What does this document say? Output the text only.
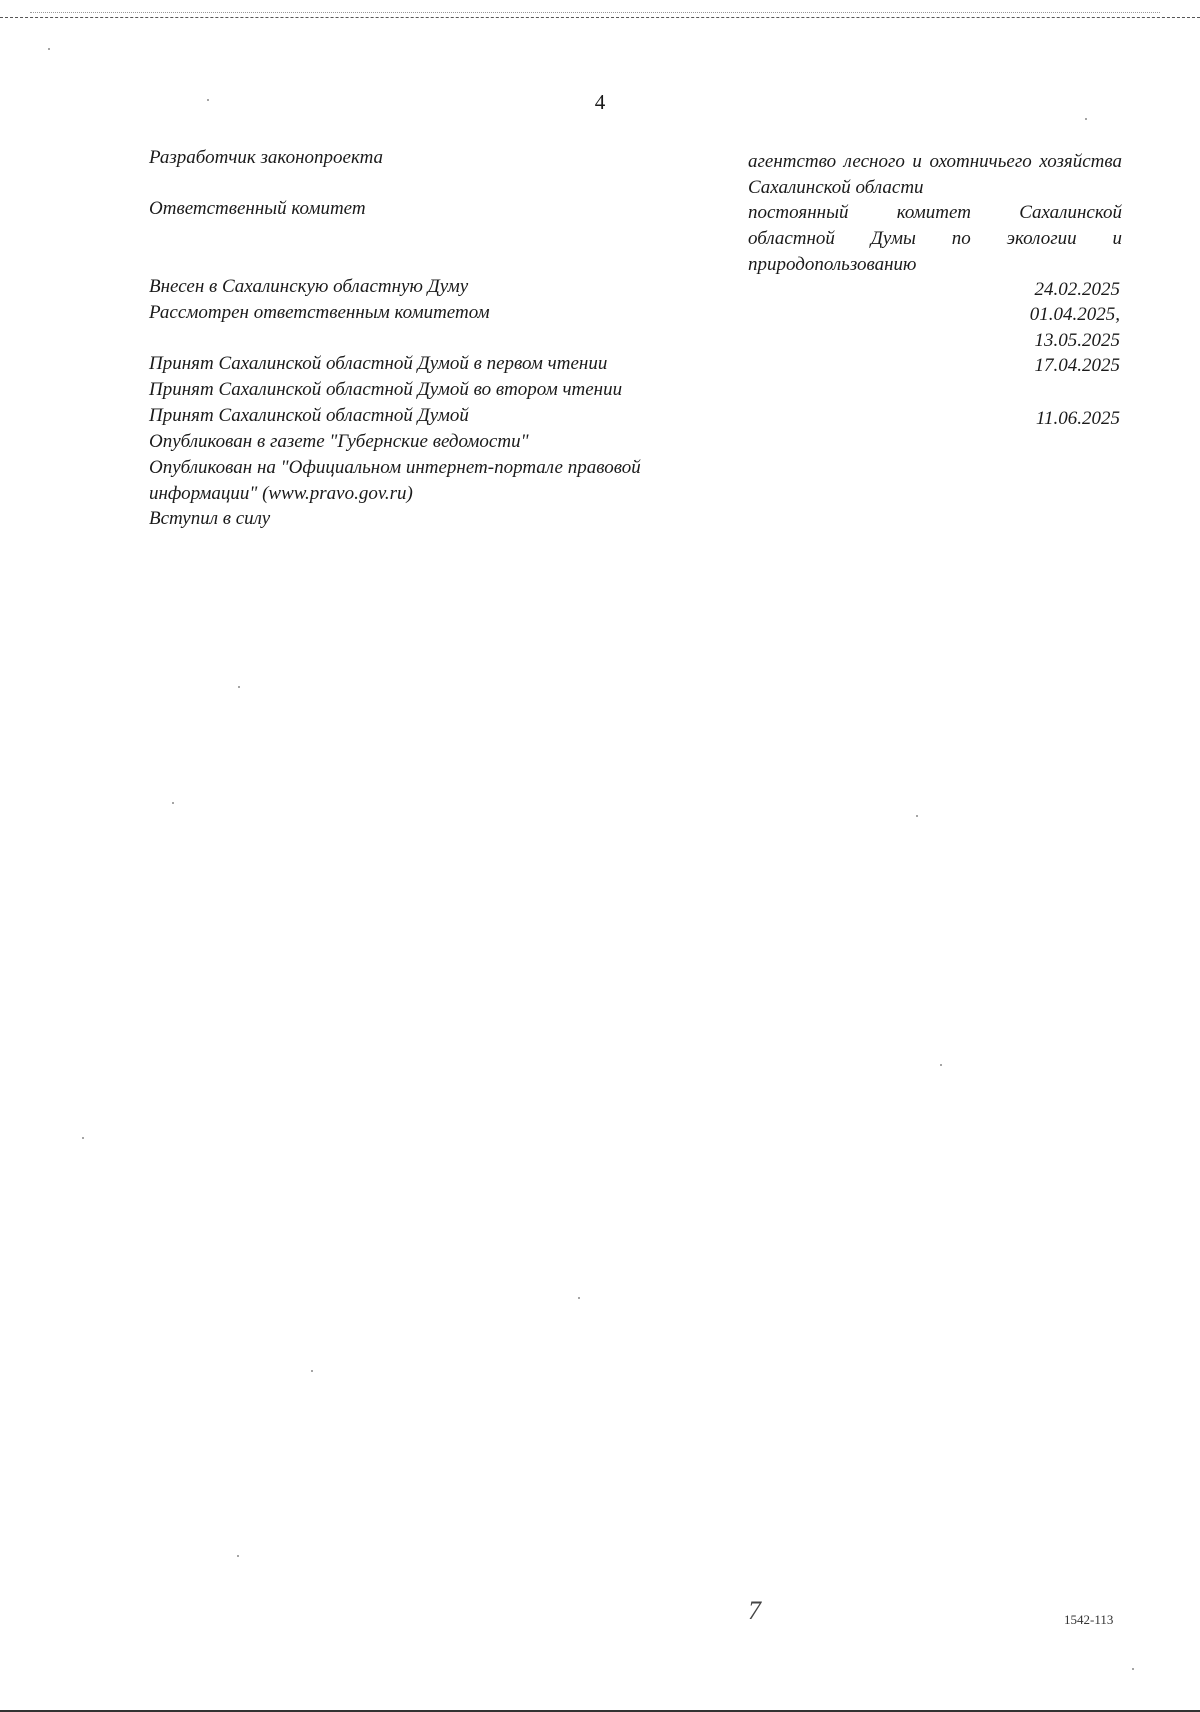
4
Разработчик законопроекта	агентство лесного и охотничьего хозяйства Сахалинской области
Ответственный комитет	постоянный комитет Сахалинской областной Думы по экологии и природопользованию
Внесен в Сахалинскую областную Думу	24.02.2025
Рассмотрен ответственным комитетом	01.04.2025,
13.05.2025
Принят Сахалинской областной Думой в первом чтении	17.04.2025
Принят Сахалинской областной Думой во втором чтении
Принят Сахалинской областной Думой	11.06.2025
Опубликован в газете "Губернские ведомости"
Опубликован на "Официальном интернет-портале правовой
информации" (www.pravo.gov.ru)
Вступил в силу
7	1542-113
